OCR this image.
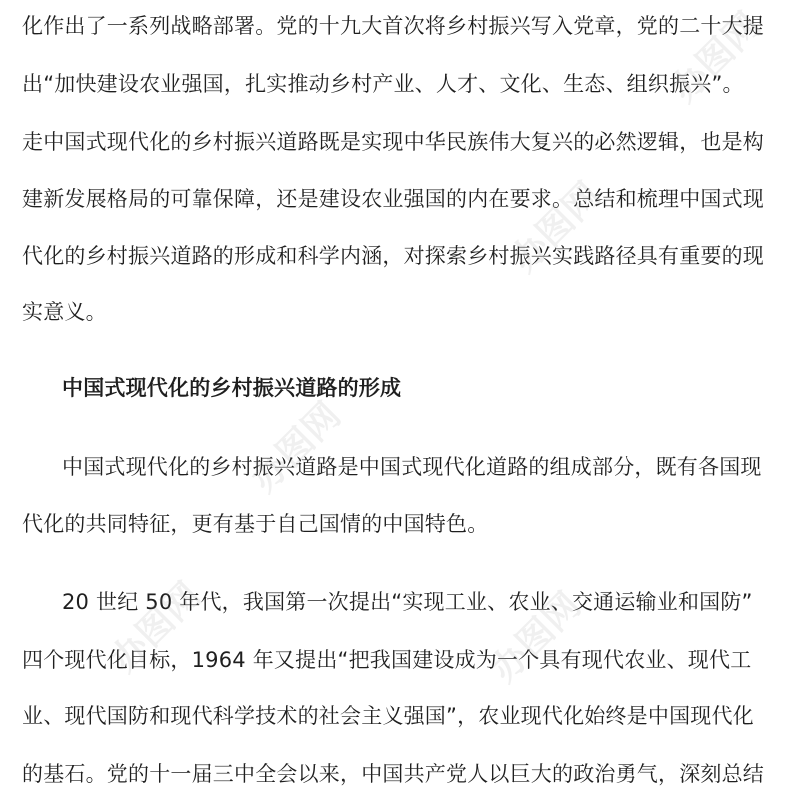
化作出了一系列战略部署。党的十九大首次将乡村振兴写入党章，党的二十大提
出“加快建设农业强国，扎实推动乡村产业、人才、文化、生态、组织振兴”。
走中国式现代化的乡村振兴道路既是实现中华民族伟大复兴的必然逻辑，也是构
建新发展格局的可靠保障，还是建设农业强国的内在要求。总结和梳理中国式现
代化的乡村振兴道路的形成和科学内涵，对探索乡村振兴实践路径具有重要的现
实意义。
中国式现代化的乡村振兴道路的形成
中国式现代化的乡村振兴道路是中国式现代化道路的组成部分，既有各国现
代化的共同特征，更有基于自己国情的中国特色。
20 世纪 50 年代，我国第一次提出“实现工业、农业、交通运输业和国防”
四个现代化目标，1964 年又提出“把我国建设成为一个具有现代农业、现代工
业、现代国防和现代科学技术的社会主义强国”，农业现代化始终是中国现代化
的基石。党的十一届三中全会以来，中国共产党人以巨大的政治勇气，深刻总结
办图网
办图网
办图网	办图网
办图网
